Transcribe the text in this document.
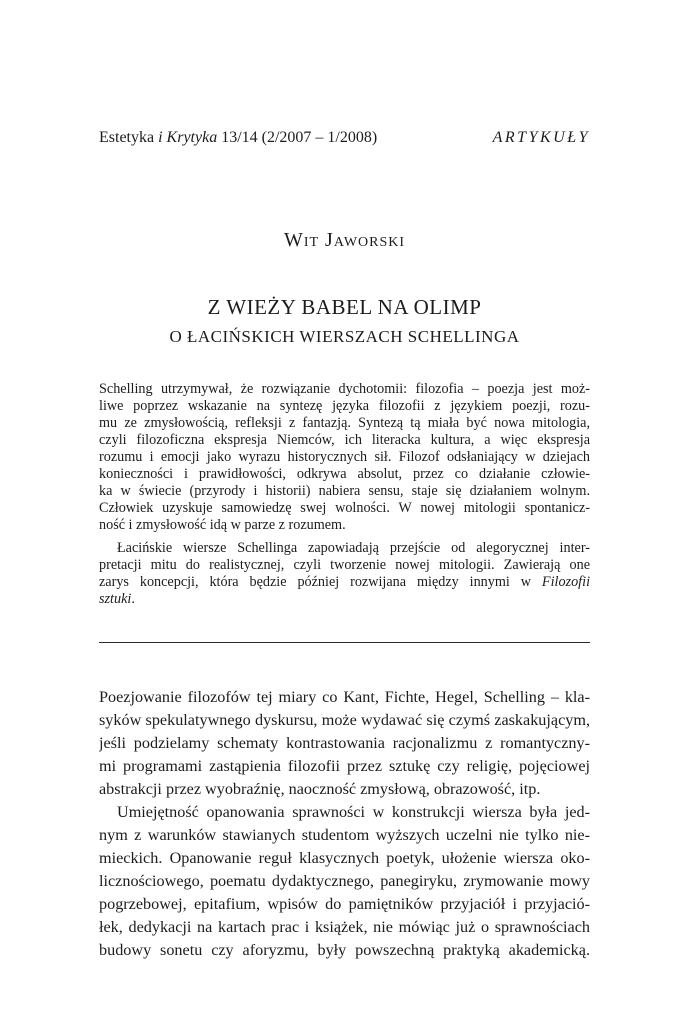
Estetyka i Krytyka 13/14 (2/2007 – 1/2008)	ARTYKUŁY
Wit Jaworski
Z WIEŻY BABEL NA OLIMP
O ŁACIŃSKICH WIERSZACH SCHELLINGA
Schelling utrzymywał, że rozwiązanie dychotomii: filozofia – poezja jest moż-
liwe poprzez wskazanie na syntezę języka filozofii z językiem poezji, rozu-
mu ze zmysłowością, refleksji z fantazją. Syntezą tą miała być nowa mitologia,
czyli filozoficzna ekspresja Niemców, ich literacka kultura, a więc ekspresja
rozumu i emocji jako wyrazu historycznych sił. Filozof odsłaniający w dziejach
konieczności i prawidłowości, odkrywa absolut, przez co działanie człowie-
ka w świecie (przyrody i historii) nabiera sensu, staje się działaniem wolnym.
Człowiek uzyskuje samowiedzę swej wolności. W nowej mitologii spontanicz-
ność i zmysłowość idą w parze z rozumem.
Łacińskie wiersze Schellinga zapowiadają przejście od alegorycznej inter-
pretacji mitu do realistycznej, czyli tworzenie nowej mitologii. Zawierają one
zarys koncepcji, która będzie później rozwijana między innymi w Filozofii
sztuki.
Poezjowanie filozofów tej miary co Kant, Fichte, Hegel, Schelling – kla-
syków spekulatywnego dyskursu, może wydawać się czymś zaskakującym,
jeśli podzielamy schematy kontrastowania racjonalizmu z romantyczny-
mi programami zastąpienia filozofii przez sztukę czy religię, pojęciowej
abstrakcji przez wyobraźnię, naoczność zmysłową, obrazowość, itp.
Umiejętność opanowania sprawności w konstrukcji wiersza była jed-
nym z warunków stawianych studentom wyższych uczelni nie tylko nie-
mieckich. Opanowanie reguł klasycznych poetyk, ułożenie wiersza oko-
licznościowego, poematu dydaktycznego, panegiryku, zrymowanie mowy
pogrzebowej, epitafium, wpisów do pamiętników przyjaciół i przyjació-
łek, dedykacji na kartach prac i książek, nie mówiąc już o sprawnościach
budowy sonetu czy aforyzmu, były powszechną praktyką akademicką.
